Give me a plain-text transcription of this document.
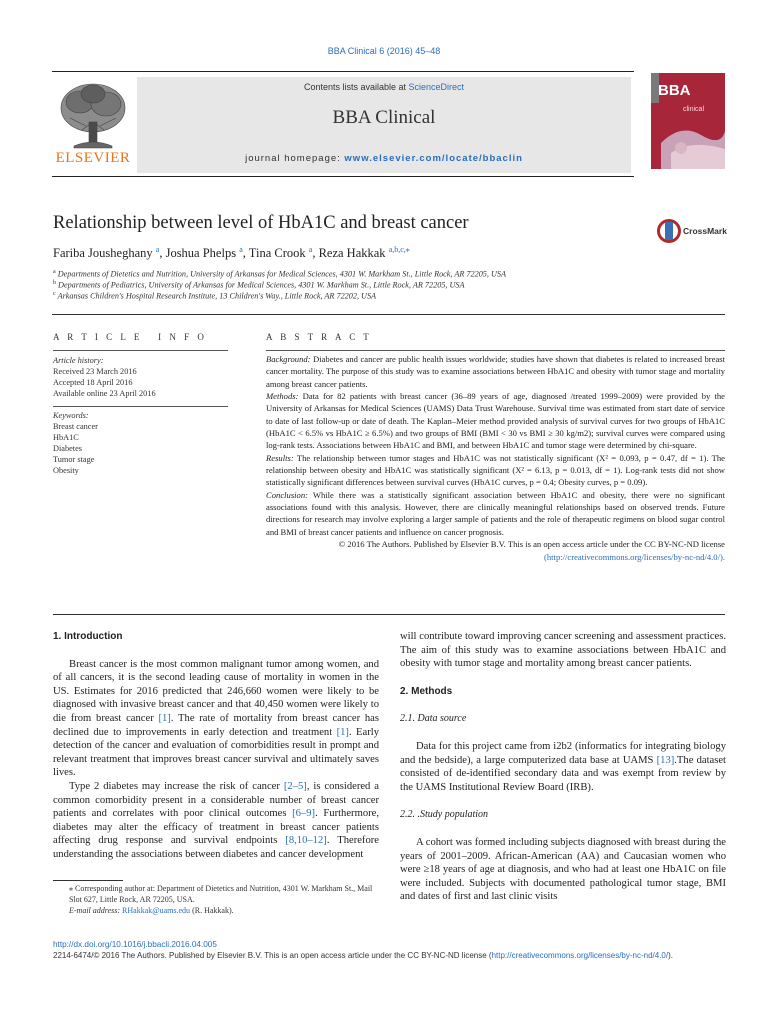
BBA Clinical 6 (2016) 45–48
Contents lists available at ScienceDirect
BBA Clinical
journal homepage: www.elsevier.com/locate/bbaclin
ELSEVIER
BBA
clinical
Relationship between level of HbA1C and breast cancer	CrossMark
Fariba Jousheghany $^a$, Joshua Phelps $^a$, Tina Crook $^a$, Reza Hakkak $^{a,b,c,⁎}$
$^a$ Departments of Dietetics and Nutrition, University of Arkansas for Medical Sciences, 4301 W. Markham St., Little Rock, AR 72205, USA
$^b$ Departments of Pediatrics, University of Arkansas for Medical Sciences, 4301 W. Markham St., Little Rock, AR 72205, USA
$^c$ Arkansas Children's Hospital Research Institute, 13 Children's Way., Little Rock, AR 72202, USA
A R T I C L E   I N F O
Article history:
Received 23 March 2016
Accepted 18 April 2016
Available online 23 April 2016
Keywords:
Breast cancer
HbA1C
Diabetes
Tumor stage
Obesity
A B S T R A C T

Background: Diabetes and cancer are public health issues worldwide; studies have shown that diabetes is related to increased breast cancer mortality. The purpose of this study was to examine associations between HbA1C and obesity with tumor stage and mortality among breast cancer patients.

Methods: Data for 82 patients with breast cancer (36–89 years of age, diagnosed /treated 1999–2009) were provided by the University of Arkansas for Medical Sciences (UAMS) Data Trust Warehouse. Survival time was estimated from start date of service to date of last follow-up or date of death. The Kaplan–Meier method provided analysis of survival curves for two groups of HbA1C (HbA1C < 6.5% vs HbA1C ≥ 6.5%) and two groups of BMI (BMI < 30 vs BMI ≥ 30 kg/m2); survival curves were compared using log-rank tests. Associations between HbA1C and BMI, and between HbA1C and tumor stage were determined by chi-square.

Results: The relationship between tumor stages and HbA1C was not statistically significant (X² = 0.093, p = 0.47, df = 1). The relationship between obesity and HbA1C was statistically significant (X² = 6.13, p = 0.013, df = 1). Log-rank tests did not show statistically significant differences between survival curves (HbA1C curves, p = 0.4; Obesity curves, p = 0.09).

Conclusion: While there was a statistically significant association between HbA1C and obesity, there were no significant associations found with this analysis. However, there are clinically meaningful relationships based on observed trends. Future directions for research may involve exploring a larger sample of patients and the role of therapeutic regimens on blood sugar control and BMI of breast cancer patients and influence on cancer prognosis.

© 2016 The Authors. Published by Elsevier B.V. This is an open access article under the CC BY-NC-ND license
(http://creativecommons.org/licenses/by-nc-nd/4.0/).

1. Introduction

Breast cancer is the most common malignant tumor among women, and of all cancers, it is the second leading cause of mortality in women in the US. Estimates for 2016 predicted that 246,660 women were likely to be diagnosed with invasive breast cancer and that 40,450 women were likely to die from breast cancer [1]. The rate of mortality from breast cancer has declined due to improvements in early detection and treatment [1]. Early detection of the cancer and evaluation of comorbidities result in prompt and relevant treatment that improves breast cancer survival and ultimately saves lives.

Type 2 diabetes may increase the risk of cancer [2–5], is considered a common comorbidity present in a considerable number of breast cancer patients and correlates with poor clinical outcomes [6–9]. Furthermore, diabetes may alter the efficacy of treatment in breast cancer patients affecting drug response and survival endpoints [8,10–12]. Therefore understanding the associations between diabetes and cancer development

⁎ Corresponding author at: Department of Dietetics and Nutrition, 4301 W. Markham St., Mail Slot 627, Little Rock, AR 72205, USA.
E-mail address: RHakkak@uams.edu (R. Hakkak).

will contribute toward improving cancer screening and assessment practices. The aim of this study was to examine associations between HbA1C and obesity with tumor stage and mortality among breast cancer patients.

2. Methods
2.1. Data source

Data for this project came from i2b2 (informatics for integrating biology and the bedside), a large computerized data base at UAMS [13].The dataset consisted of de-identified secondary data and was exempt from review by the UAMS Institutional Review Board (IRB).

2.2. .Study population

A cohort was formed including subjects diagnosed with breast during the years of 2001–2009. African-American (AA) and Caucasian women who were ≥18 years of age at diagnosis, and who had at least one HbA1C on file were included. Subjects with documented pathological tumor stage, BMI and dates of first and last clinic visits

http://dx.doi.org/10.1016/j.bbacli.2016.04.005
2214-6474/© 2016 The Authors. Published by Elsevier B.V. This is an open access article under the CC BY-NC-ND license (http://creativecommons.org/licenses/by-nc-nd/4.0/).
